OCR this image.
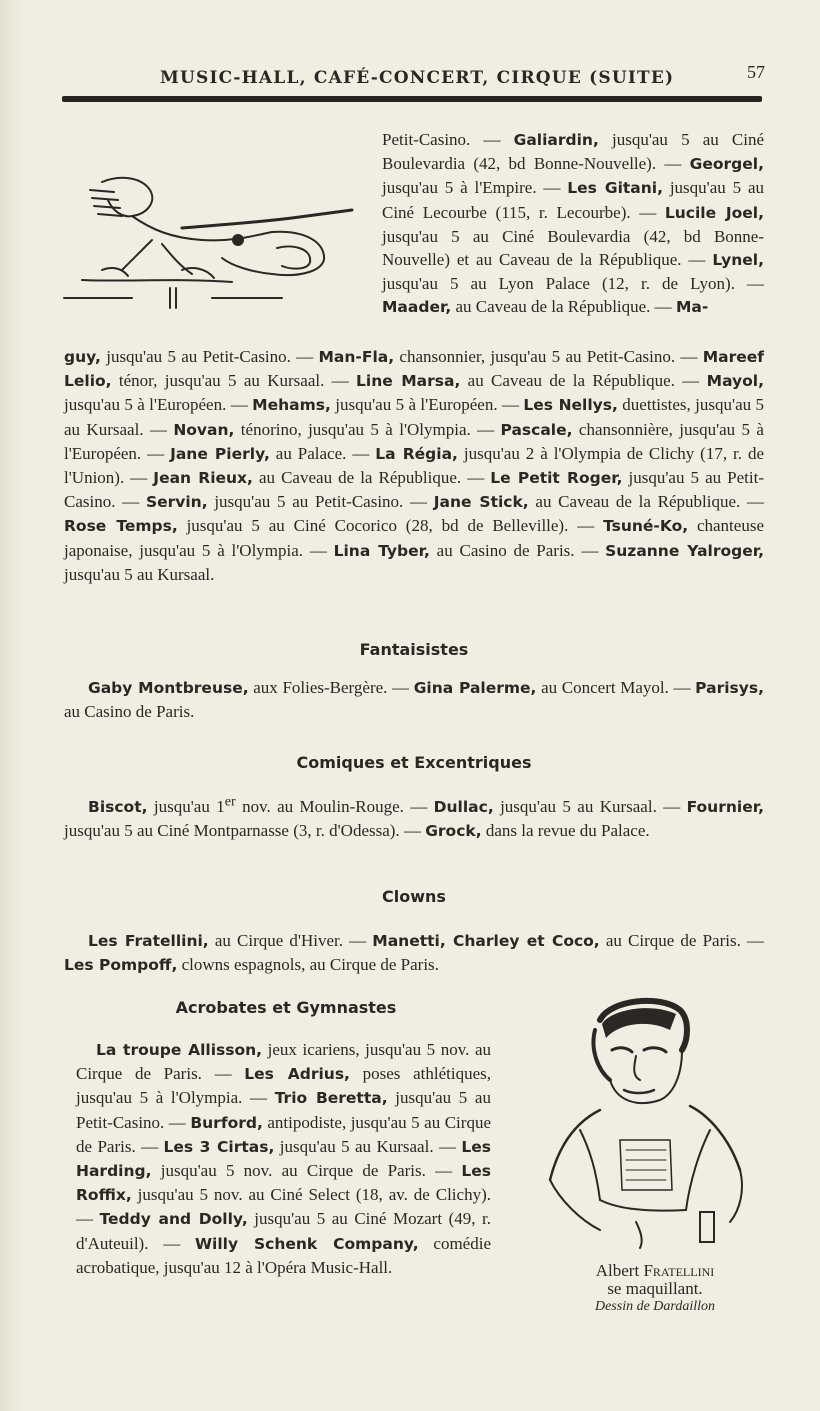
MUSIC-HALL, CAFÉ-CONCERT, CIRQUE (SUITE)	57
Petit-Casino. — Galiardin, jusqu'au 5 au Ciné Boulevardia (42, bd Bonne-Nouvelle). — Georgel, jusqu'au 5 à l'Empire. — Les Gitani, jusqu'au 5 au Ciné Lecourbe (115, r. Lecourbe). — Lucile Joel, jusqu'au 5 au Ciné Boulevardia (42, bd Bonne-Nouvelle) et au Caveau de la République. — Lynel, jusqu'au 5 au Lyon Palace (12, r. de Lyon). — Maader, au Caveau de la République. — Ma-
guy, jusqu'au 5 au Petit-Casino. — Man-Fla, chansonnier, jusqu'au 5 au Petit-Casino. — Mareef Lelio, ténor, jusqu'au 5 au Kursaal. — Line Marsa, au Caveau de la République. — Mayol, jusqu'au 5 à l'Européen. — Mehams, jusqu'au 5 à l'Européen. — Les Nellys, duettistes, jusqu'au 5 au Kursaal. — Novan, ténorino, jusqu'au 5 à l'Olympia. — Pascale, chansonnière, jusqu'au 5 à l'Européen. — Jane Pierly, au Palace. — La Régia, jusqu'au 2 à l'Olympia de Clichy (17, r. de l'Union). — Jean Rieux, au Caveau de la République. — Le Petit Roger, jusqu'au 5 au Petit-Casino. — Servin, jusqu'au 5 au Petit-Casino. — Jane Stick, au Caveau de la République. — Rose Temps, jusqu'au 5 au Ciné Cocorico (28, bd de Belleville). — Tsuné-Ko, chanteuse japonaise, jusqu'au 5 à l'Olympia. — Lina Tyber, au Casino de Paris. — Suzanne Yalroger, jusqu'au 5 au Kursaal.
Fantaisistes
Gaby Montbreuse, aux Folies-Bergère. — Gina Palerme, au Concert Mayol. — Parisys, au Casino de Paris.
Comiques et Excentriques
Biscot, jusqu'au 1er nov. au Moulin-Rouge. — Dullac, jusqu'au 5 au Kursaal. — Fournier, jusqu'au 5 au Ciné Montparnasse (3, r. d'Odessa). — Grock, dans la revue du Palace.
Clowns
Les Fratellini, au Cirque d'Hiver. — Manetti, Charley et Coco, au Cirque de Paris. — Les Pompoff, clowns espagnols, au Cirque de Paris.
Acrobates et Gymnastes
La troupe Allisson, jeux icariens, jusqu'au 5 nov. au Cirque de Paris. — Les Adrius, poses athlétiques, jusqu'au 5 à l'Olympia. — Trio Beretta, jusqu'au 5 au Petit-Casino. — Burford, antipodiste, jusqu'au 5 au Cirque de Paris. — Les 3 Cirtas, jusqu'au 5 au Kursaal. — Les Harding, jusqu'au 5 nov. au Cirque de Paris. — Les Roffix, jusqu'au 5 nov. au Ciné Select (18, av. de Clichy). — Teddy and Dolly, jusqu'au 5 au Ciné Mozart (49, r. d'Auteuil). — Willy Schenk Company, comédie acrobatique, jusqu'au 12 à l'Opéra Music-Hall.	Albert Fratellini
se maquillant.
Dessin de Dardaillon
